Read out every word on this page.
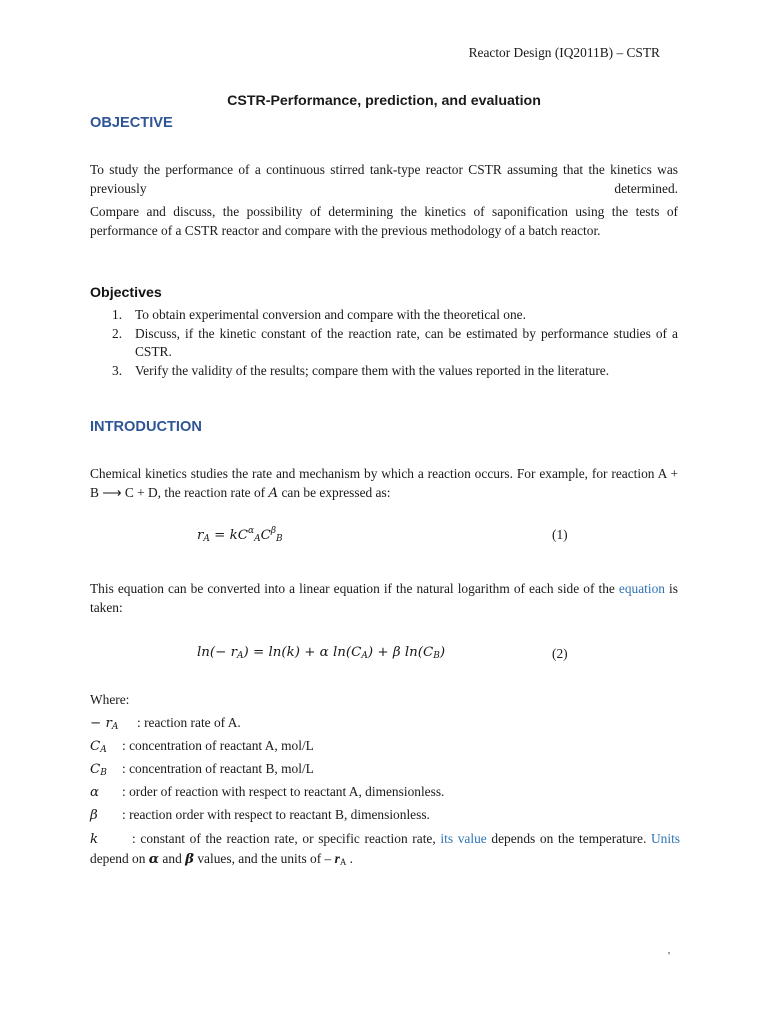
Reactor Design (IQ2011B) – CSTR
CSTR-Performance, prediction, and evaluation
OBJECTIVE
To study the performance of a continuous stirred tank-type reactor CSTR assuming that the kinetics was previously determined.
Compare and discuss, the possibility of determining the kinetics of saponification using the tests of performance of a CSTR reactor and compare with the previous methodology of a batch reactor.
Objectives
1. To obtain experimental conversion and compare with the theoretical one.
2. Discuss, if the kinetic constant of the reaction rate, can be estimated by performance studies of a CSTR.
3. Verify the validity of the results; compare them with the values reported in the literature.
INTRODUCTION
Chemical kinetics studies the rate and mechanism by which a reaction occurs. For example, for reaction A + B ⟶ C + D, the reaction rate of A can be expressed as:
$r_A = kC^\alpha_AC^\beta_B$	(1)
This equation can be converted into a linear equation if the natural logarithm of each side of the equation is taken:
$\ln(- r_A) = \ln(k) + \alpha$ $\ln(C_A) + \beta$ $\ln(C_B)$	(2)
Where:
− $r_A$ : reaction rate of A.
$C_A$ : concentration of reactant A, mol/L
$C_B$ : concentration of reactant B, mol/L
α : order of reaction with respect to reactant A, dimensionless.
β : reaction order with respect to reactant B, dimensionless.
k	: constant of the reaction rate, or specific reaction rate, its value depends on the temperature. Units depend on α and β values, and the units of – $r_A$ .
'
